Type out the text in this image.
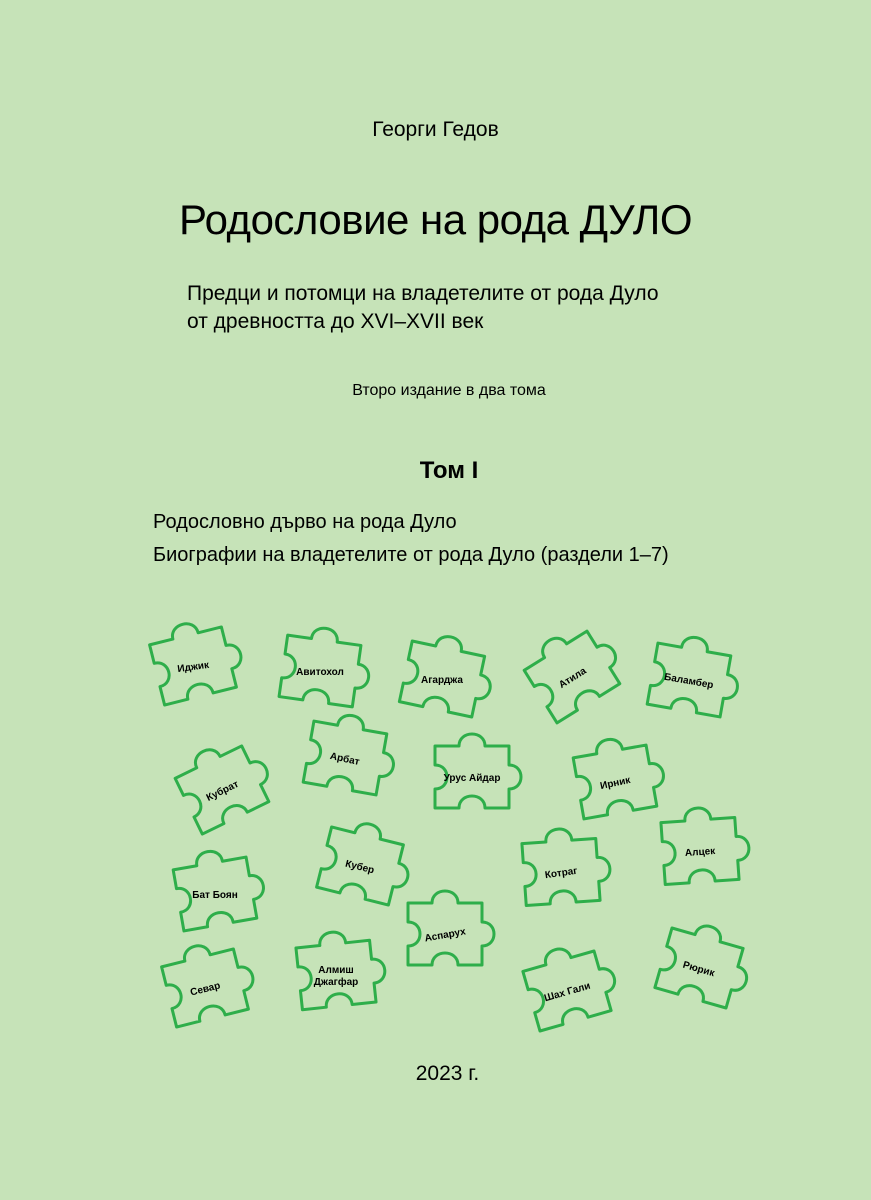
Георги Гедов
Родословие на рода ДУЛО
Предци и потомци на владетелите от рода Дуло
от древността до XVI–XVII век
Второ издание в два тома
Том I
Родословно дърво на рода Дуло
Биографии на владетелите от рода Дуло (раздели 1–7)
Иджик	Авитохол
Агарджа	Атила	Баламбер
Кубрат
Арбат
Урус Айдар	Ирник
Алцек
Кубер	Котраг
Бат Боян
Аспарух
Севар
Алмиш Джагфар	Шах Гали
Рюрик
2023 г.
